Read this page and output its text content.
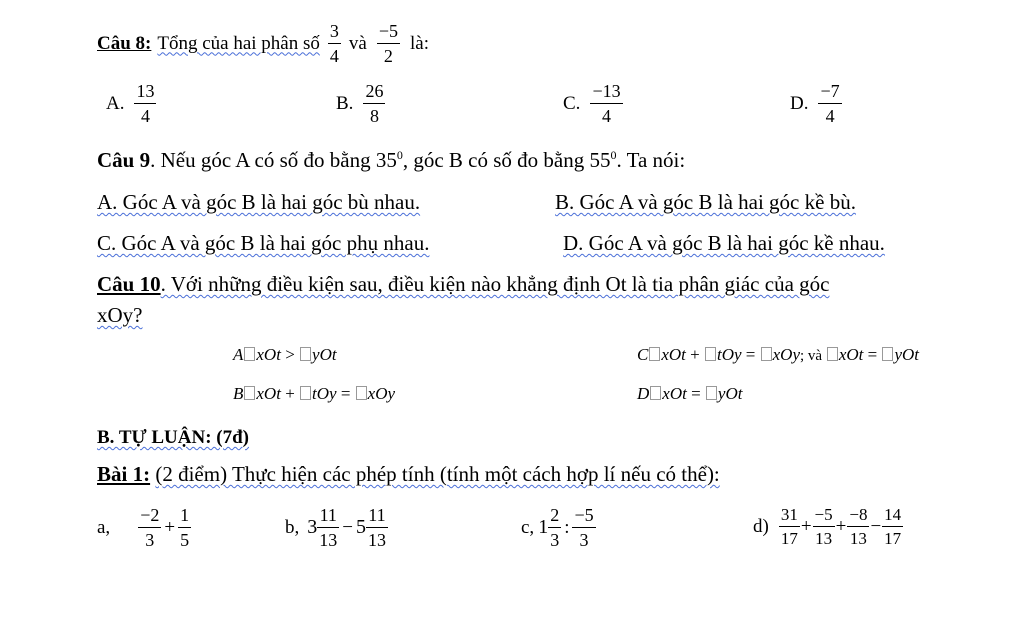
Câu 8: Tổng của hai phân số $\frac{3}{4}$ và $\frac{-5}{2}$ là:
A. $\frac{13}{4}$	B. $\frac{26}{8}$	C. $\frac{-13}{4}$	D. $\frac{-7}{4}$
Câu 9. Nếu góc A có số đo bằng $35^0$, góc B có số đo bằng $55^0$. Ta nói:
A. Góc A và góc B là hai góc bù nhau.	B. Góc A và góc B là hai góc kề bù.
C. Góc A và góc B là hai góc phụ nhau.	D. Góc A và góc B là hai góc kề nhau.
Câu 10. Với những điều kiện sau, điều kiện nào khẳng định Ot là tia phân giác của góc
xOy?
A xOt > yOt
B xOt + tOy = xOy
C xOt + tOy = xOy; và xOt = yOt
D xOt = yOt
B. TỰ LUẬN: (7đ)
Bài 1: (2 điểm) Thực hiện các phép tính (tính một cách hợp lí nếu có thể):
a, $\frac{-2}{3} + \frac{1}{5}$	b, $3 \frac{11}{13} - 5 \frac{11}{13}$	c, $1 \frac{2}{3}$ : $\frac{-5}{3}$	$d) \frac{31}{17} + \frac{-5}{13} + \frac{-8}{13} - \frac{14}{17}$
